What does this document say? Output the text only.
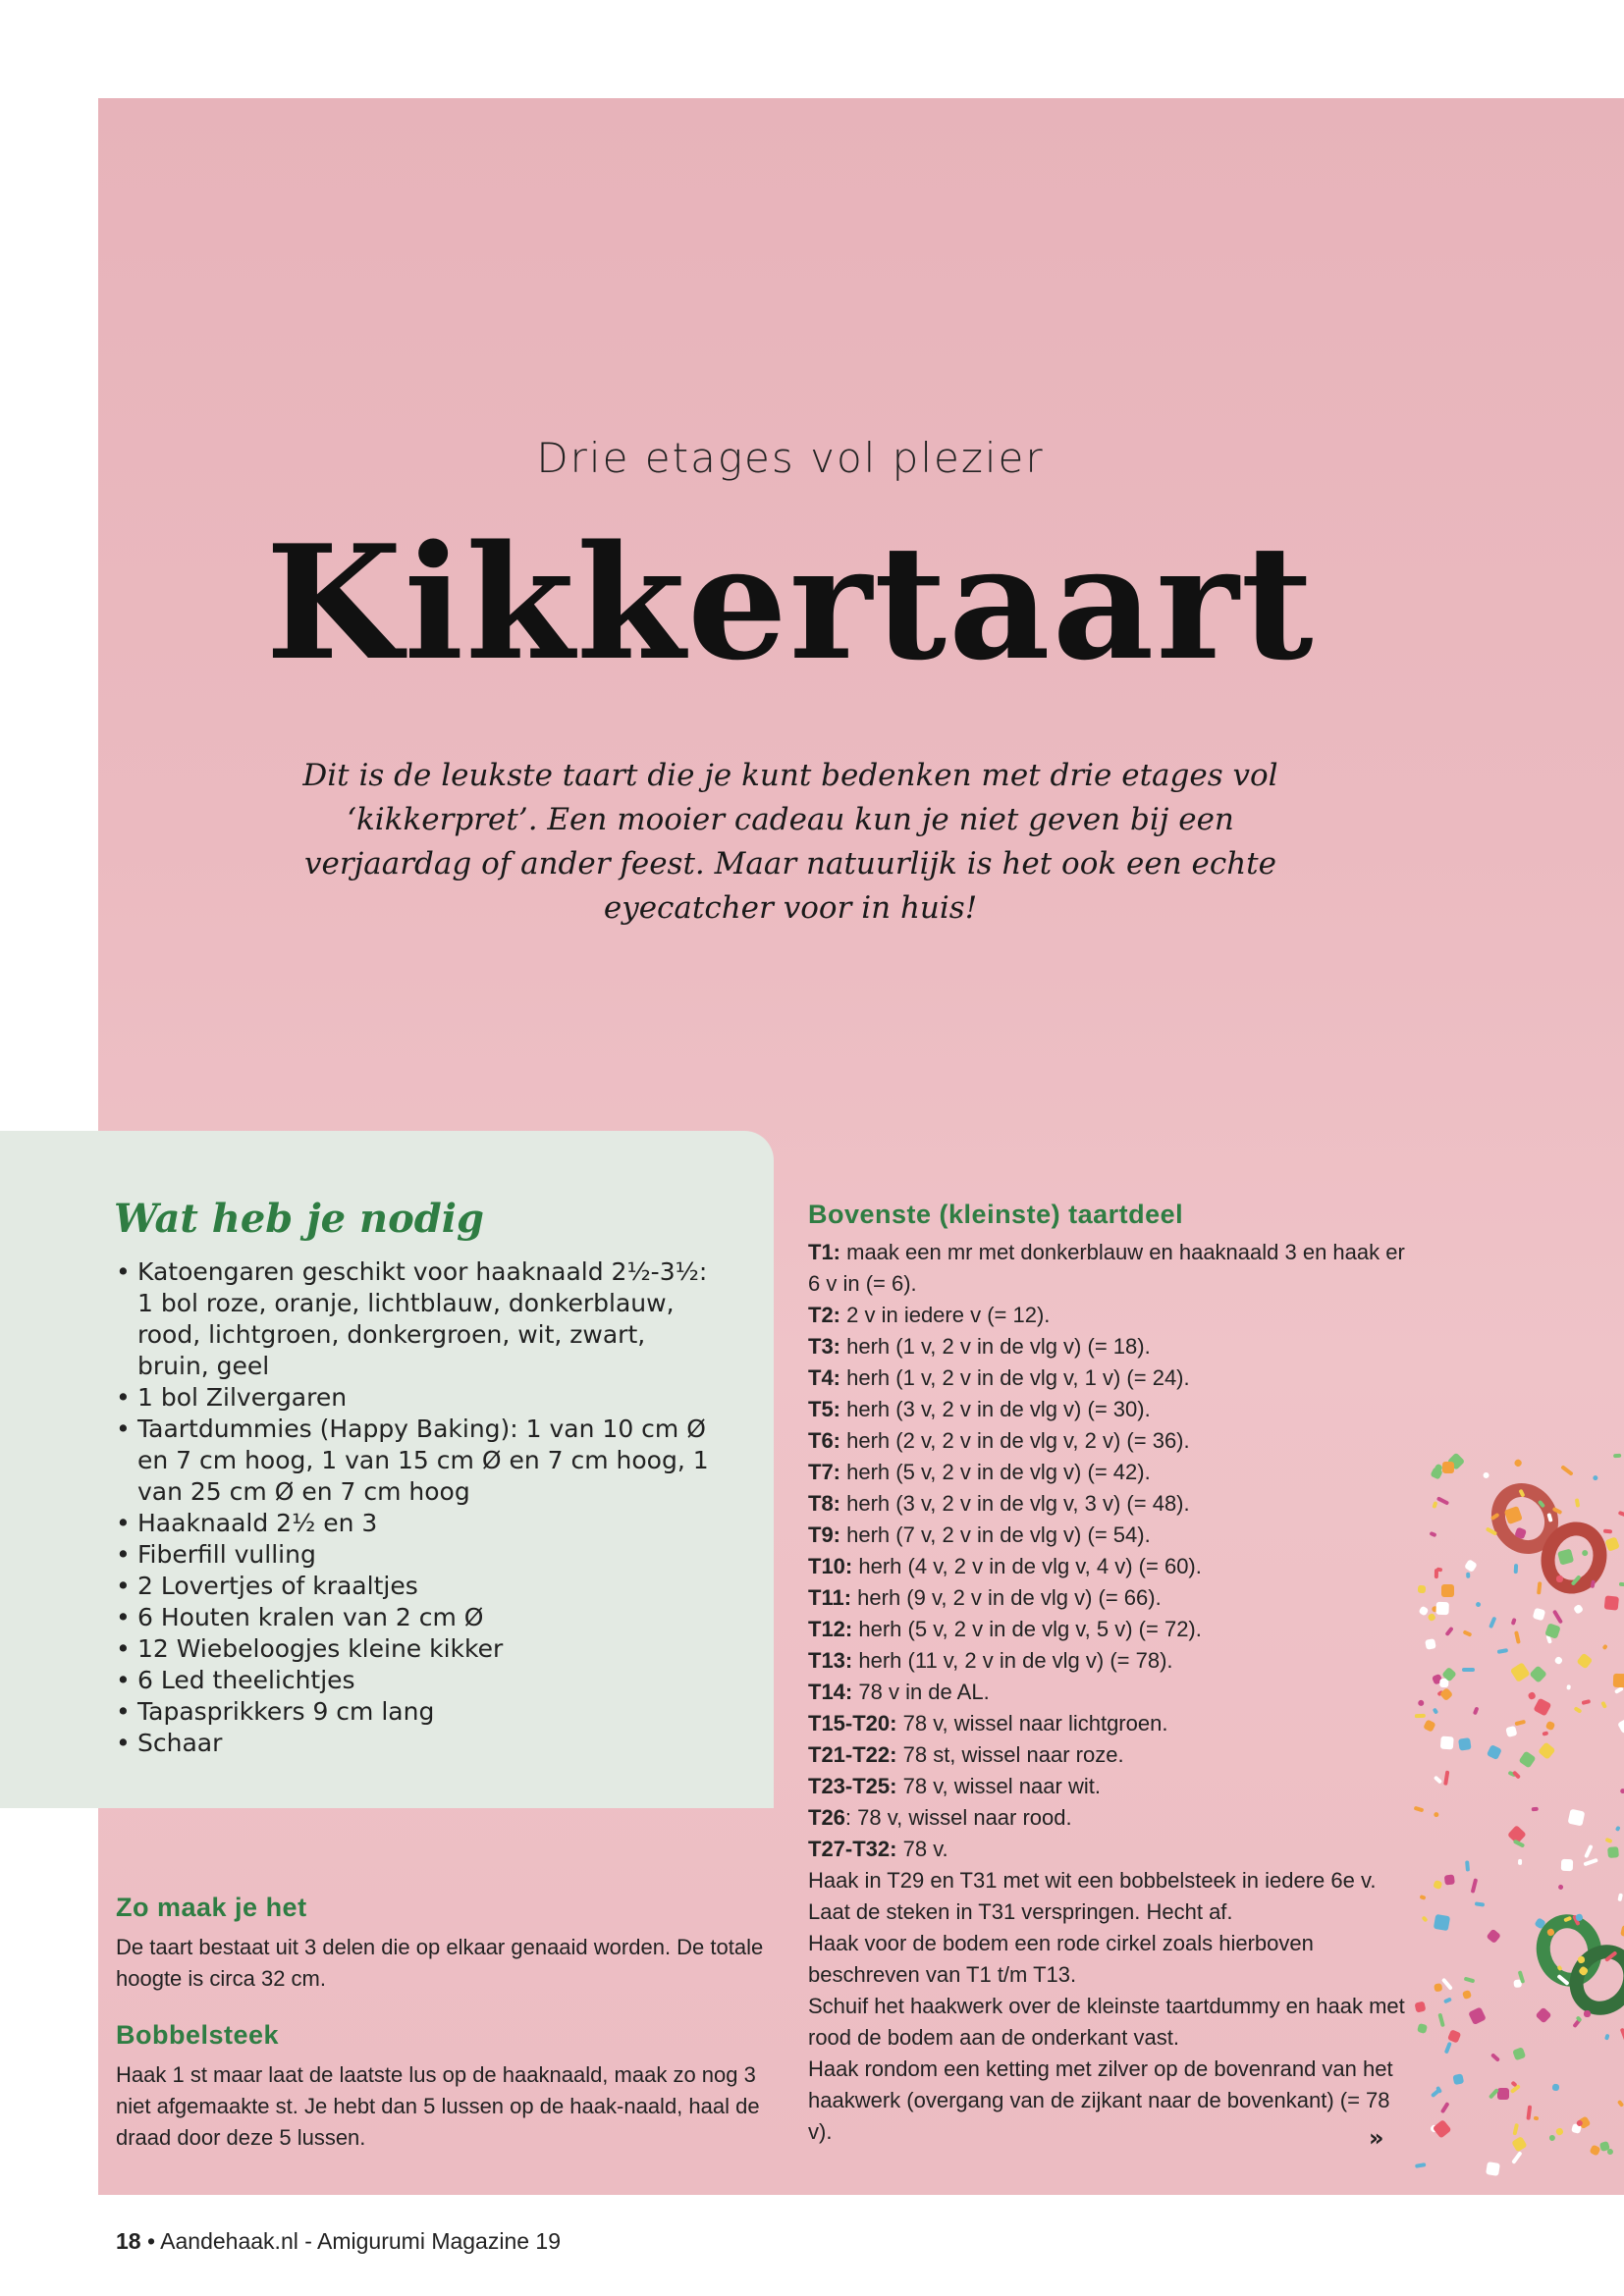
Drie etages vol plezier
Kikkertaart
Dit is de leukste taart die je kunt bedenken met drie etages vol ‘kikkerpret’. Een mooier cadeau kun je niet geven bij een verjaardag of ander feest. Maar natuurlijk is het ook een echte eyecatcher voor in huis!
Wat heb je nodig
• Katoengaren geschikt voor haaknaald 2½-3½: 1 bol roze, oranje, lichtblauw, donkerblauw, rood, lichtgroen, donkergroen, wit, zwart, bruin, geel
• 1 bol Zilvergaren
• Taartdummies (Happy Baking): 1 van 10 cm Ø en 7 cm hoog, 1 van 15 cm Ø en 7 cm hoog, 1 van 25 cm Ø en 7 cm hoog
• Haaknaald 2½ en 3
• Fiberfill vulling
• 2 Lovertjes of kraaltjes
• 6 Houten kralen van 2 cm Ø
• 12 Wiebeloogjes kleine kikker
• 6 Led theelichtjes
• Tapasprikkers 9 cm lang
• Schaar
Zo maak je het
De taart bestaat uit 3 delen die op elkaar genaaid worden. De totale hoogte is circa 32 cm.
Bobbelsteek
Haak 1 st maar laat de laatste lus op de haaknaald, maak zo nog 3 niet afgemaakte st. Je hebt dan 5 lussen op de haak-naald, haal de draad door deze 5 lussen.
Bovenste (kleinste) taartdeel
T1: maak een mr met donkerblauw en haaknaald 3 en haak er 6 v in (= 6).
T2: 2 v in iedere v (= 12).
T3: herh (1 v, 2 v in de vlg v) (= 18).
T4: herh (1 v, 2 v in de vlg v, 1 v) (= 24).
T5: herh (3 v, 2 v in de vlg v) (= 30).
T6: herh (2 v, 2 v in de vlg v, 2 v) (= 36).
T7: herh (5 v, 2 v in de vlg v) (= 42).
T8: herh (3 v, 2 v in de vlg v, 3 v) (= 48).
T9: herh (7 v, 2 v in de vlg v) (= 54).
T10: herh (4 v, 2 v in de vlg v, 4 v) (= 60).
T11: herh (9 v, 2 v in de vlg v) (= 66).
T12: herh (5 v, 2 v in de vlg v, 5 v) (= 72).
T13: herh (11 v, 2 v in de vlg v) (= 78).
T14: 78 v in de AL.
T15-T20: 78 v, wissel naar lichtgroen.
T21-T22: 78 st, wissel naar roze.
T23-T25: 78 v, wissel naar wit.
T26: 78 v, wissel naar rood.
T27-T32: 78 v.
Haak in T29 en T31 met wit een bobbelsteek in iedere 6e v. Laat de steken in T31 verspringen. Hecht af.
Haak voor de bodem een rode cirkel zoals hierboven beschreven van T1 t/m T13.
Schuif het haakwerk over de kleinste taartdummy en haak met rood de bodem aan de onderkant vast.
Haak rondom een ketting met zilver op de bovenrand van het haakwerk (overgang van de zijkant naar de bovenkant) (= 78 v).	»
18 • Aandehaak.nl - Amigurumi Magazine 19
